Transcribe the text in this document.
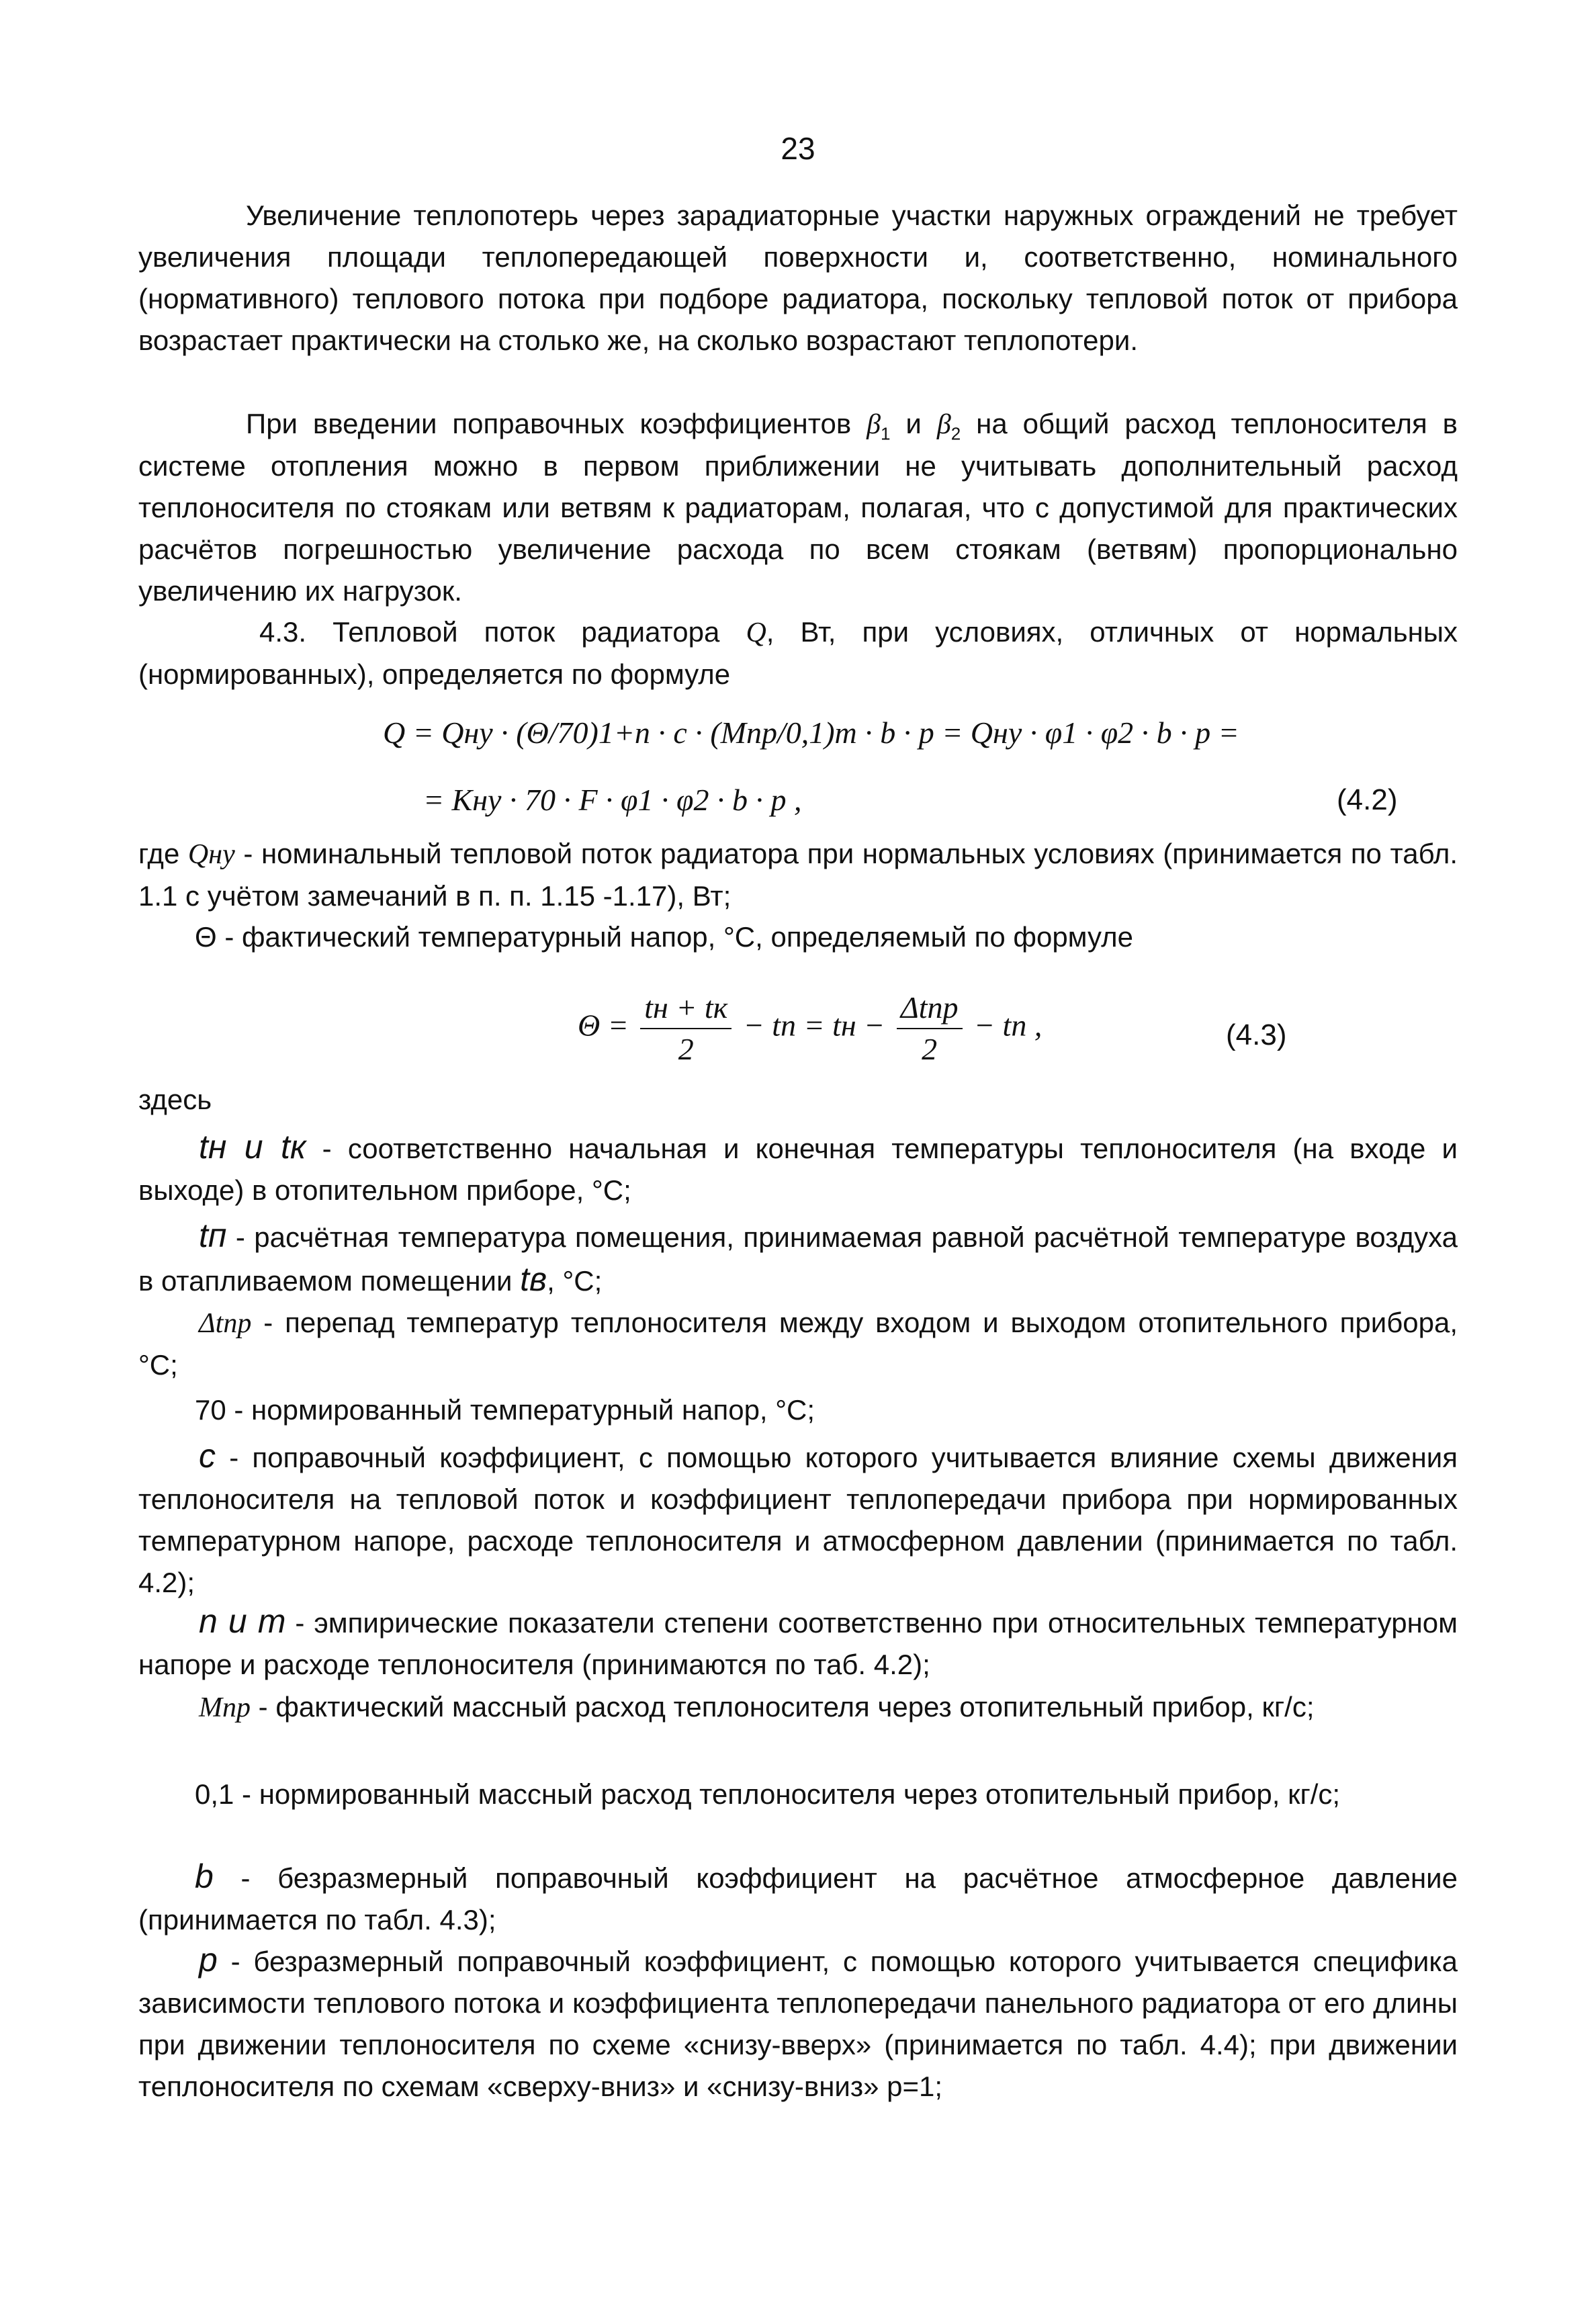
23
Увеличение теплопотерь через зарадиаторные участки наружных ограждений не требует увеличения площади теплопередающей поверхности и, соответственно, номинального (нормативного) теплового потока при подборе радиатора, поскольку тепловой поток от прибора возрастает практически на столько же, на сколько возрастают теплопотери.
При введении поправочных коэффициентов $\beta_1$ и $\beta_2$ на общий расход теплоносителя в системе отопления можно в первом приближении не учитывать дополнительный расход теплоносителя по стоякам или ветвям к радиаторам, полагая, что с допустимой для практических расчётов погрешностью увеличение расхода по всем стоякам (ветвям) пропорционально увеличению их нагрузок.
4.3. Тепловой поток радиатора Q, Вт, при условиях, отличных от нормальных (нормированных), определяется по формуле
Q = Qну · (Θ/70)1+n · c · (Mпр/0,1)m · b · p = Qну · φ1 · φ2 · b · p =
= Kну · 70 · F · φ1 · φ2 · b · p ,	(4.2)
где Qну - номинальный тепловой поток радиатора при нормальных условиях (принимается по табл. 1.1 с учётом замечаний в п. п. 1.15 -1.17), Вт;
Θ - фактический температурный напор, °С, определяемый по формуле
$\Theta = \frac{tн + tк}{2}$ − tп = tн − $\frac{\text{Δtпр}}{2}$ − tп ,	(4.3)
здесь
tн и tк - соответственно начальная и конечная температуры теплоносителя (на входе и выходе) в отопительном приборе, °С;
tп - расчётная температура помещения, принимаемая равной расчётной температуре воздуха в отапливаемом помещении tв, °С;
Δtпр - перепад температур теплоносителя между входом и выходом отопительного прибора, °С;
70 - нормированный температурный напор, °С;
с - поправочный коэффициент, с помощью которого учитывается влияние схемы движения теплоносителя на тепловой поток и коэффициент теплопередачи прибора при нормированных температурном напоре, расходе теплоносителя и атмосферном давлении (принимается по табл. 4.2);
n и m - эмпирические показатели степени соответственно при относительных температурном напоре и расходе теплоносителя (принимаются по таб. 4.2);
Mпр - фактический массный расход теплоносителя через отопительный прибор, кг/с;
0,1 - нормированный массный расход теплоносителя через отопительный прибор, кг/с;
b - безразмерный поправочный коэффициент на расчётное атмосферное давление (принимается по табл. 4.3);
р - безразмерный поправочный коэффициент, с помощью которого учитывается специфика зависимости теплового потока и коэффициента теплопередачи панельного радиатора от его длины при движении теплоносителя по схеме «снизу-вверх» (принимается по табл. 4.4); при движении теплоносителя по схемам «сверху-вниз» и «снизу-вниз» p=1;
